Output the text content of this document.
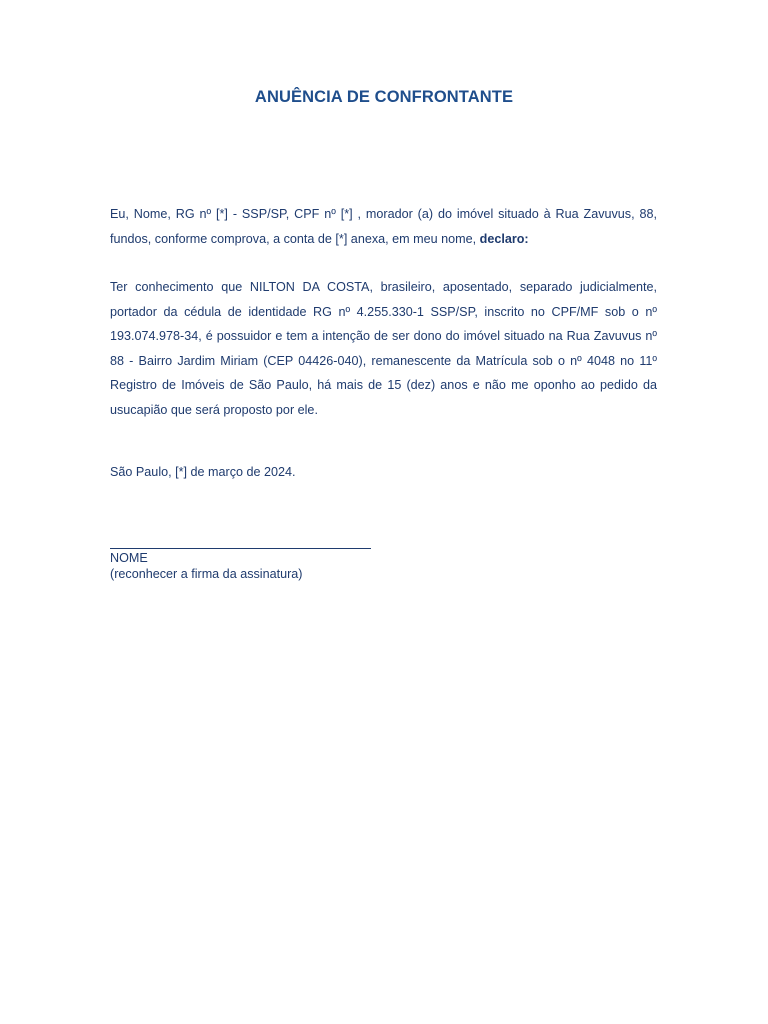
ANUÊNCIA DE CONFRONTANTE
Eu, Nome, RG nº [*] - SSP/SP, CPF nº [*] , morador (a) do imóvel situado à Rua Zavuvus, 88, fundos, conforme comprova, a conta de [*] anexa, em meu nome, declaro:
Ter conhecimento que NILTON DA COSTA, brasileiro, aposentado, separado judicialmente, portador da cédula de identidade RG nº 4.255.330-1 SSP/SP, inscrito no CPF/MF sob o nº 193.074.978-34, é possuidor e tem a intenção de ser dono do imóvel situado na Rua Zavuvus nº 88 - Bairro Jardim Miriam (CEP 04426-040), remanescente da Matrícula sob o nº 4048 no 11º Registro de Imóveis de São Paulo, há mais de 15 (dez) anos e não me oponho ao pedido da usucapião que será proposto por ele.
São Paulo, [*] de março de 2024.
NOME
(reconhecer a firma da assinatura)
